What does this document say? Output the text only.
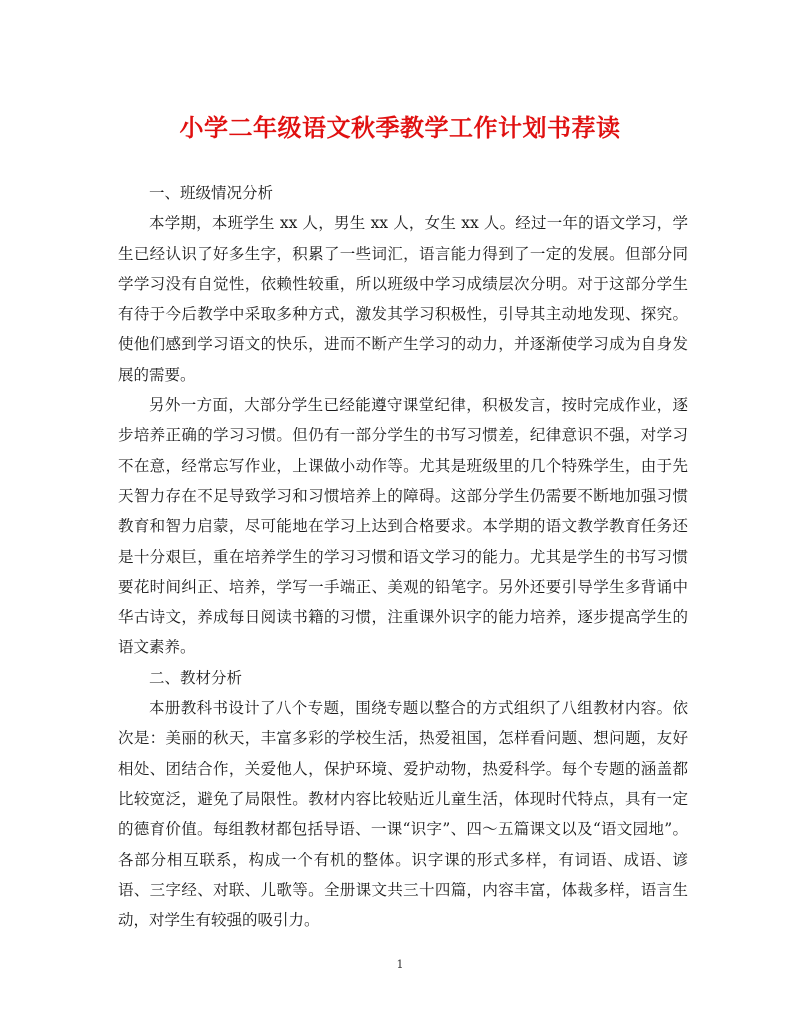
小学二年级语文秋季教学工作计划书荐读
一、班级情况分析

本学期，本班学生 xx 人，男生 xx 人，女生 xx 人。经过一年的语文学习，学生已经认识了好多生字，积累了一些词汇，语言能力得到了一定的发展。但部分同学学习没有自觉性，依赖性较重，所以班级中学习成绩层次分明。对于这部分学生有待于今后教学中采取多种方式，激发其学习积极性，引导其主动地发现、探究。使他们感到学习语文的快乐，进而不断产生学习的动力，并逐渐使学习成为自身发展的需要。

另外一方面，大部分学生已经能遵守课堂纪律，积极发言，按时完成作业，逐步培养正确的学习习惯。但仍有一部分学生的书写习惯差，纪律意识不强，对学习不在意，经常忘写作业，上课做小动作等。尤其是班级里的几个特殊学生，由于先天智力存在不足导致学习和习惯培养上的障碍。这部分学生仍需要不断地加强习惯教育和智力启蒙，尽可能地在学习上达到合格要求。本学期的语文教学教育任务还是十分艰巨，重在培养学生的学习习惯和语文学习的能力。尤其是学生的书写习惯要花时间纠正、培养，学写一手端正、美观的铅笔字。另外还要引导学生多背诵中华古诗文，养成每日阅读书籍的习惯，注重课外识字的能力培养，逐步提高学生的语文素养。

二、教材分析

本册教科书设计了八个专题，围绕专题以整合的方式组织了八组教材内容。依次是：美丽的秋天，丰富多彩的学校生活，热爱祖国，怎样看问题、想问题，友好相处、团结合作，关爱他人，保护环境、爱护动物，热爱科学。每个专题的涵盖都比较宽泛，避免了局限性。教材内容比较贴近儿童生活，体现时代特点，具有一定的德育价值。每组教材都包括导语、一课“识字”、四～五篇课文以及“语文园地”。各部分相互联系，构成一个有机的整体。识字课的形式多样，有词语、成语、谚语、三字经、对联、儿歌等。全册课文共三十四篇，内容丰富，体裁多样，语言生动，对学生有较强的吸引力。

1
